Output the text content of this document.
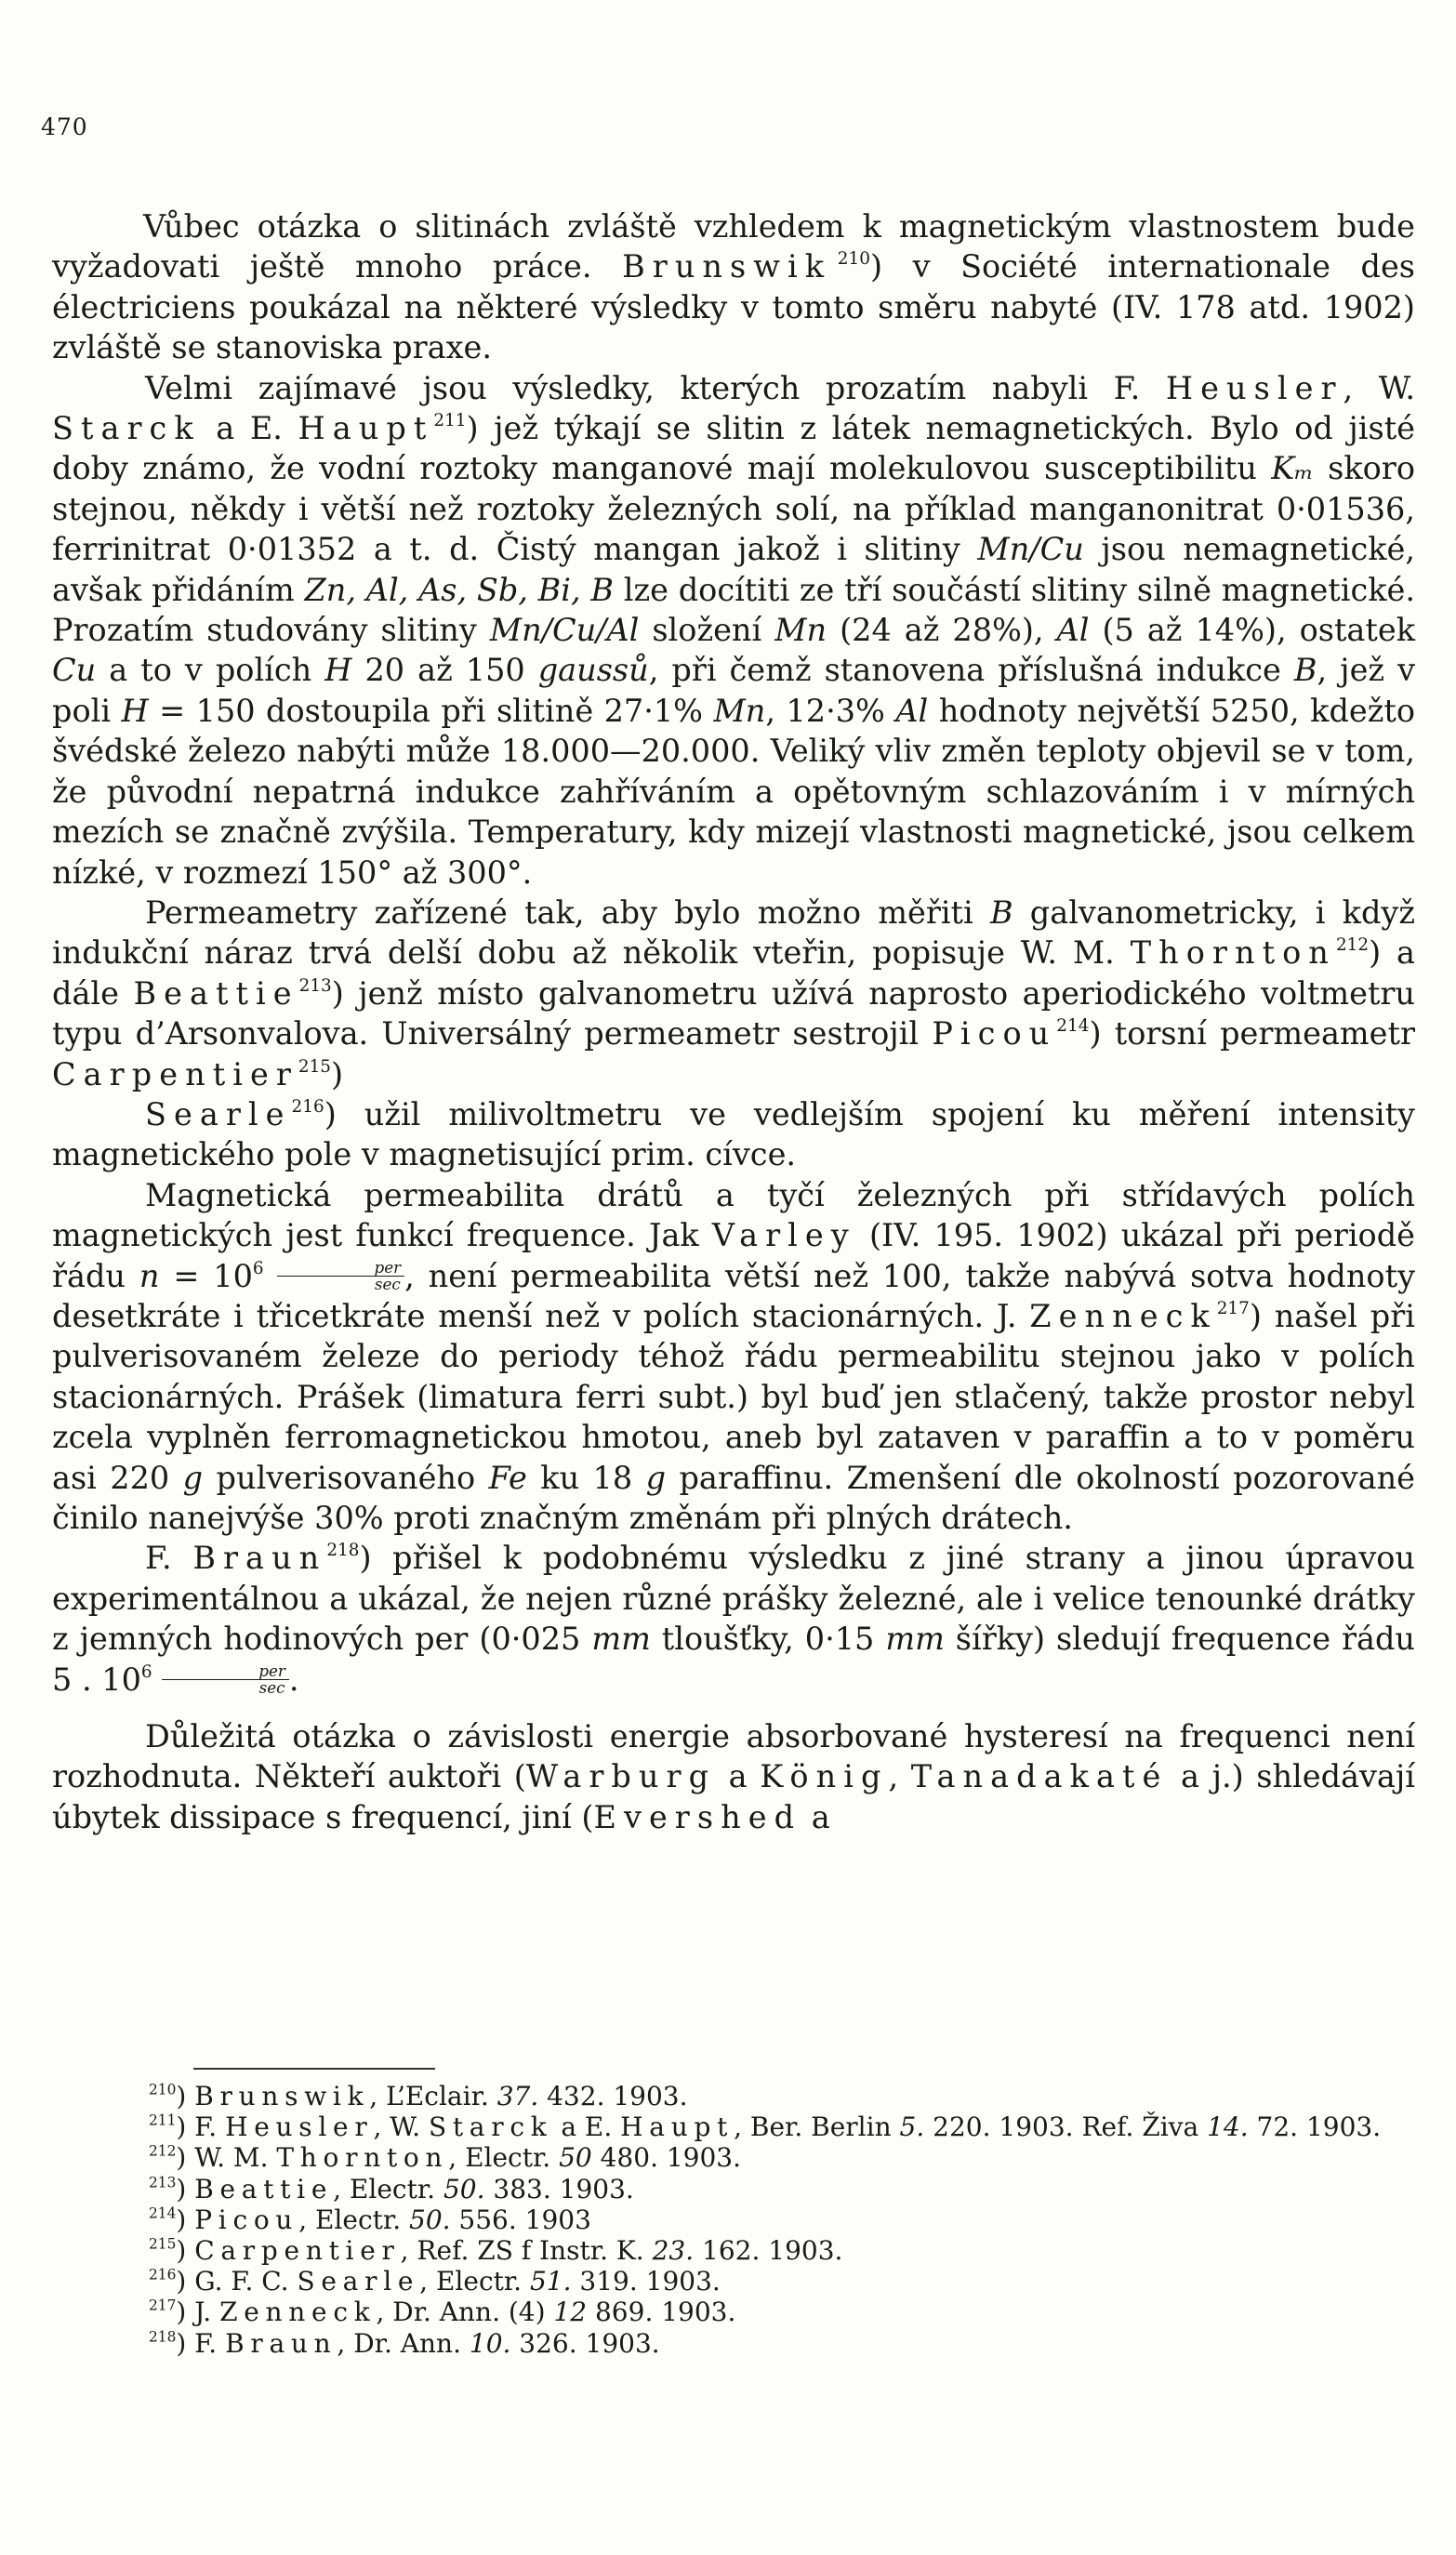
470

Vůbec otázka o slitinách zvláště vzhledem k magnetickým vlastnostem bude vyžadovati ještě mnoho práce. Brunswik  $^{210}$) v Société internationale des électriciens poukázal na některé výsledky v tomto směru nabyté (IV. 178 atd. 1902) zvláště se stanoviska praxe.

Velmi zajímavé jsou výsledky, kterých prozatím nabyli F. Heusler, W. Starck a E. Haupt$^{211}$) jež týkají se slitin z látek nemagnetických. Bylo od jisté doby známo, že vodní roztoky manganové mají molekulovou susceptibilitu Kₘ skoro stejnou, někdy i větší než roztoky železných solí, na příklad manganonitrat 0·01536, ferrinitrat 0·01352 a t. d. Čistý mangan jakož i slitiny Mn/Cu jsou nemagnetické, avšak přidáním Zn, Al, As, Sb, Bi, B lze docítiti ze tří součástí slitiny silně magnetické. Prozatím studovány slitiny Mn/Cu/Al složení Mn (24 až 28%), Al (5 až 14%), ostatek Cu a to v polích H 20 až 150 gaussů, při čemž stanovena příslušná indukce B, jež v poli H = 150 dostoupila při slitině 27·1% Mn, 12·3% Al hodnoty největší 5250, kdežto švédské železo nabýti může 18.000—20.000. Veliký vliv změn teploty objevil se v tom, že původní nepatrná indukce zahříváním a opětovným schlazováním i v mírných mezích se značně zvýšila. Temperatury, kdy mizejí vlastnosti magnetické, jsou celkem nízké, v rozmezí 150° až 300°.

Permeametry zařízené tak, aby bylo možno měřiti B galvanometricky, i když indukční náraz trvá delší dobu až několik vteřin, popisuje W. M. Thornton$^{212}$) a dále Beattie$^{213}$) jenž místo galvanometru užívá naprosto aperiodického voltmetru typu d’Arsonvalova. Universálný permeametr sestrojil Picou$^{214}$) torsní permeametr Carpentier$^{215}$)

Searle$^{216}$) užil milivoltmetru ve vedlejším spojení ku měření intensity magnetického pole v magnetisující prim. cívce.

Magnetická permeabilita drátů a tyčí železných při střídavých polích magnetických jest funkcí frequence. Jak Varley (IV. 195. 1902) ukázal při periodě řádu $n = 10^6 \frac{\text{per}}{\sec}$ , není permeabilita větší než 100, takže nabývá sotva hodnoty desetkráte i třicetkráte menší než v polích stacionárných. J. Zenneck$^{217}$) našel při pulverisovaném železe do periody téhož řádu permeabilitu stejnou jako v polích stacionárných. Prášek (limatura ferri subt.) byl buď jen stlačený, takže prostor nebyl zcela vyplněn ferromagnetickou hmotou, aneb byl zataven v paraffin a to v poměru asi 220 g pulverisovaného Fe ku 18 g paraffinu. Zmenšení dle okolností pozorované činilo nanejvýše 30% proti značným změnám při plných drátech.

F. Braun$^{218}$) přišel k podobnému výsledku z jiné strany a jinou úpravou experimentálnou a ukázal, že nejen různé prášky železné, ale i velice tenounké drátky z jemných hodinových per (0·025 mm tloušťky, 0·15 mm šířky) sledují frequence řádu 5 . $10^6 \frac{\text{per}}{\sec}$ .

Důležitá otázka o závislosti energie absorbované hysteresí na frequenci není rozhodnuta. Někteří auktoři (Warburg a König, Tanadakaté a j.) shledávají úbytek dissipace s frequencí, jiní (Evershed a

$^{210}$) Brunswik, L’Eclair. 37. 432. 1903.

$^{211}$) F. Heusler, W. Starck a E. Haupt, Ber. Berlin 5. 220. 1903. Ref. Živa 14. 72. 1903.

$^{212}$) W. M. Thornton, Electr. 50 480. 1903.

$^{213}$) Beattie, Electr. 50. 383. 1903.

$^{214}$) Picou, Electr. 50. 556. 1903

$^{215}$) Carpentier, Ref. ZS f Instr. K. 23. 162. 1903.

$^{216}$) G. F. C. Searle, Electr. 51. 319. 1903.

$^{217}$) J. Zenneck, Dr. Ann. (4) 12 869. 1903.

$^{218}$) F. Braun, Dr. Ann. 10. 326. 1903.
